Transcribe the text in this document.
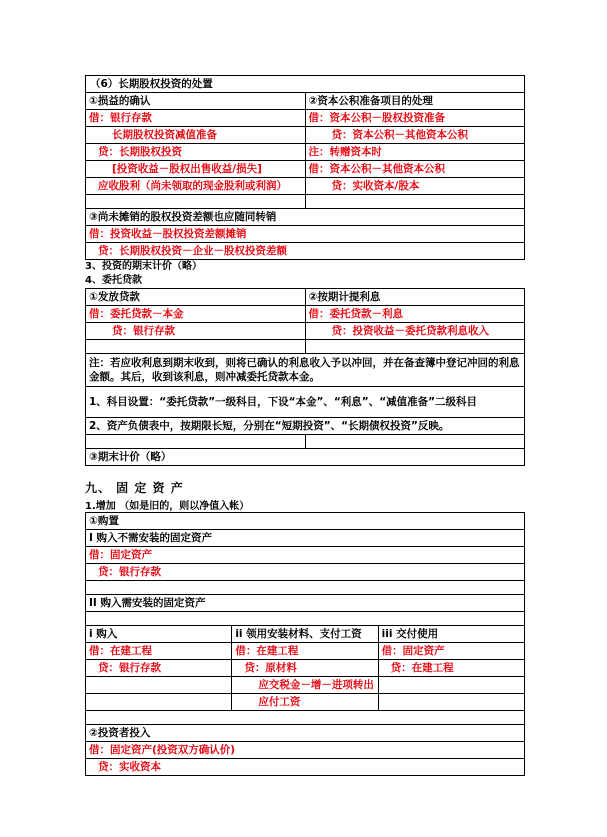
（6）长期股权投资的处置	
①损益的确认	②资本公积准备项目的处理
借：银行存款	借：资本公积－股权投资准备
长期股权投资减值准备	贷：资本公积－其他资本公积
贷：长期股权投资	注：转赠资本时
[投资收益－股权出售收益/损失]	借：资本公积－其他资本公积
应收股利（尚未领取的现金股利或利润）	贷：实收资本/股本

③尚未摊销的股权投资差额也应随同转销	
借：投资收益－股权投资差额摊销	
贷：长期股权投资－企业－股权投资差额	
3、投资的期末计价（略）
4、委托贷款
①发放贷款	②按期计提利息
借：委托贷款－本金	借：委托贷款－利息
贷：银行存款	贷：投资收益－委托贷款利息收入

注：若应收利息到期末收到，则将已确认的利息收入予以冲回，并在备查簿中登记冲回的利息金额。其后，收到该利息，则冲减委托贷款本金。	
1、科目设置：“委托贷款”一级科目，下设“本金”、“利息”、“减值准备”二级科目	
2、资产负债表中，按期限长短，分别在“短期投资”、“长期债权投资”反映。	

③期末计价（略）	
九、 固 定 资 产
1.增加 （如是旧的，则以净值入帐）
①购置		
I 购入不需安装的固定资产		
借：固定资产		
贷：银行存款		

II 购入需安装的固定资产		

i 购入	ii 领用安装材料、支付工资	iii 交付使用
借：在建工程	借：在建工程	借：固定资产
贷：银行存款	贷：原材料	贷：在建工程
	应交税金－增－进项转出	
	应付工资	

②投资者投入		
借：固定资产(投资双方确认价)		
贷：实收资本		
